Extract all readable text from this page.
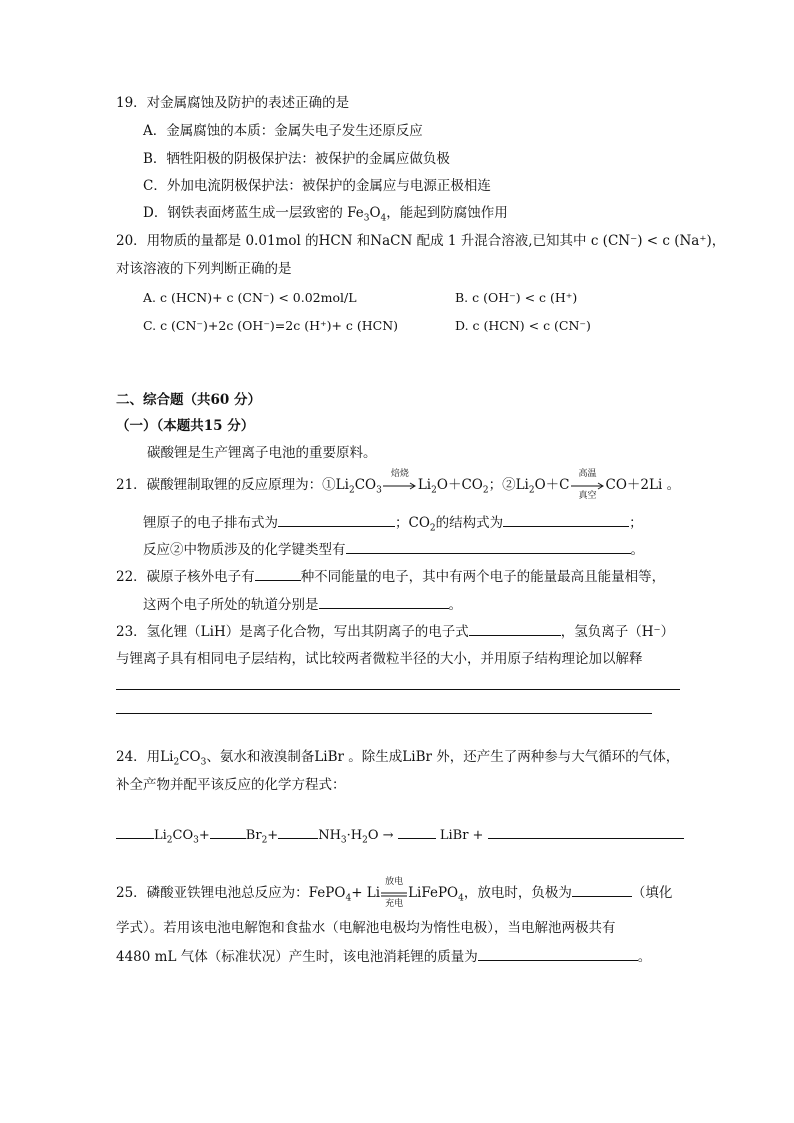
19．对金属腐蚀及防护的表述正确的是
A．金属腐蚀的本质：金属失电子发生还原反应
B．牺牲阳极的阴极保护法：被保护的金属应做负极
C．外加电流阴极保护法：被保护的金属应与电源正极相连
D．钢铁表面烤蓝生成一层致密的 $Fe_3O_4$，能起到防腐蚀作用
20．用物质的量都是 0.01mol 的HCN 和NaCN 配成 1 升混合溶液,已知其中 c (CN⁻) < c (Na⁺)，
对该溶液的下列判断正确的是
A. c (HCN)+ c (CN⁻) < 0.02mol/L	B. c (OH⁻) < c (H⁺)
C. c (CN⁻)+2c (OH⁻)=2c (H⁺)+ c (HCN)	D. c (HCN) < c (CN⁻)
二、综合题（共60 分）
（一）（本题共15 分）
碳酸锂是生产锂离子电池的重要原料。
21．碳酸锂制取锂的反应原理为：$①Li_2CO_3$
焙烧
$Li_2O+CO_2$；$②Li_2O+C$
高温
真空
CO＋2Li 。
锂原子的电子排布式为	；$CO_2$的结构式为	；
反应②中物质涉及的化学键类型有	。
22．碳原子核外电子有	种不同能量的电子，其中有两个电子的能量最高且能量相等，
这两个电子所处的轨道分别是	。
23．氢化锂（LiH）是离子化合物，写出其阴离子的电子式	，氢负离子（H⁻）
与锂离子具有相同电子层结构，试比较两者微粒半径的大小，并用原子结构理论加以解释
24．用$Li_2CO_3$、氨水和液溴制备LiBr 。除生成LiBr 外，还产生了两种参与大气循环的气体，
补全产物并配平该反应的化学方程式：
$Li_2CO_3+$	$Br_2+$	$NH_3\cdot H_2O$ →	LiBr +
25．磷酸亚铁锂电池总反应为：FePO$_4$+ Li
放电
充电
LiFePO$_4$，放电时，负极为	（填化
学式）。若用该电池电解饱和食盐水（电解池电极均为惰性电极），当电解池两极共有
4480 mL 气体（标准状况）产生时，该电池消耗锂的质量为	。
